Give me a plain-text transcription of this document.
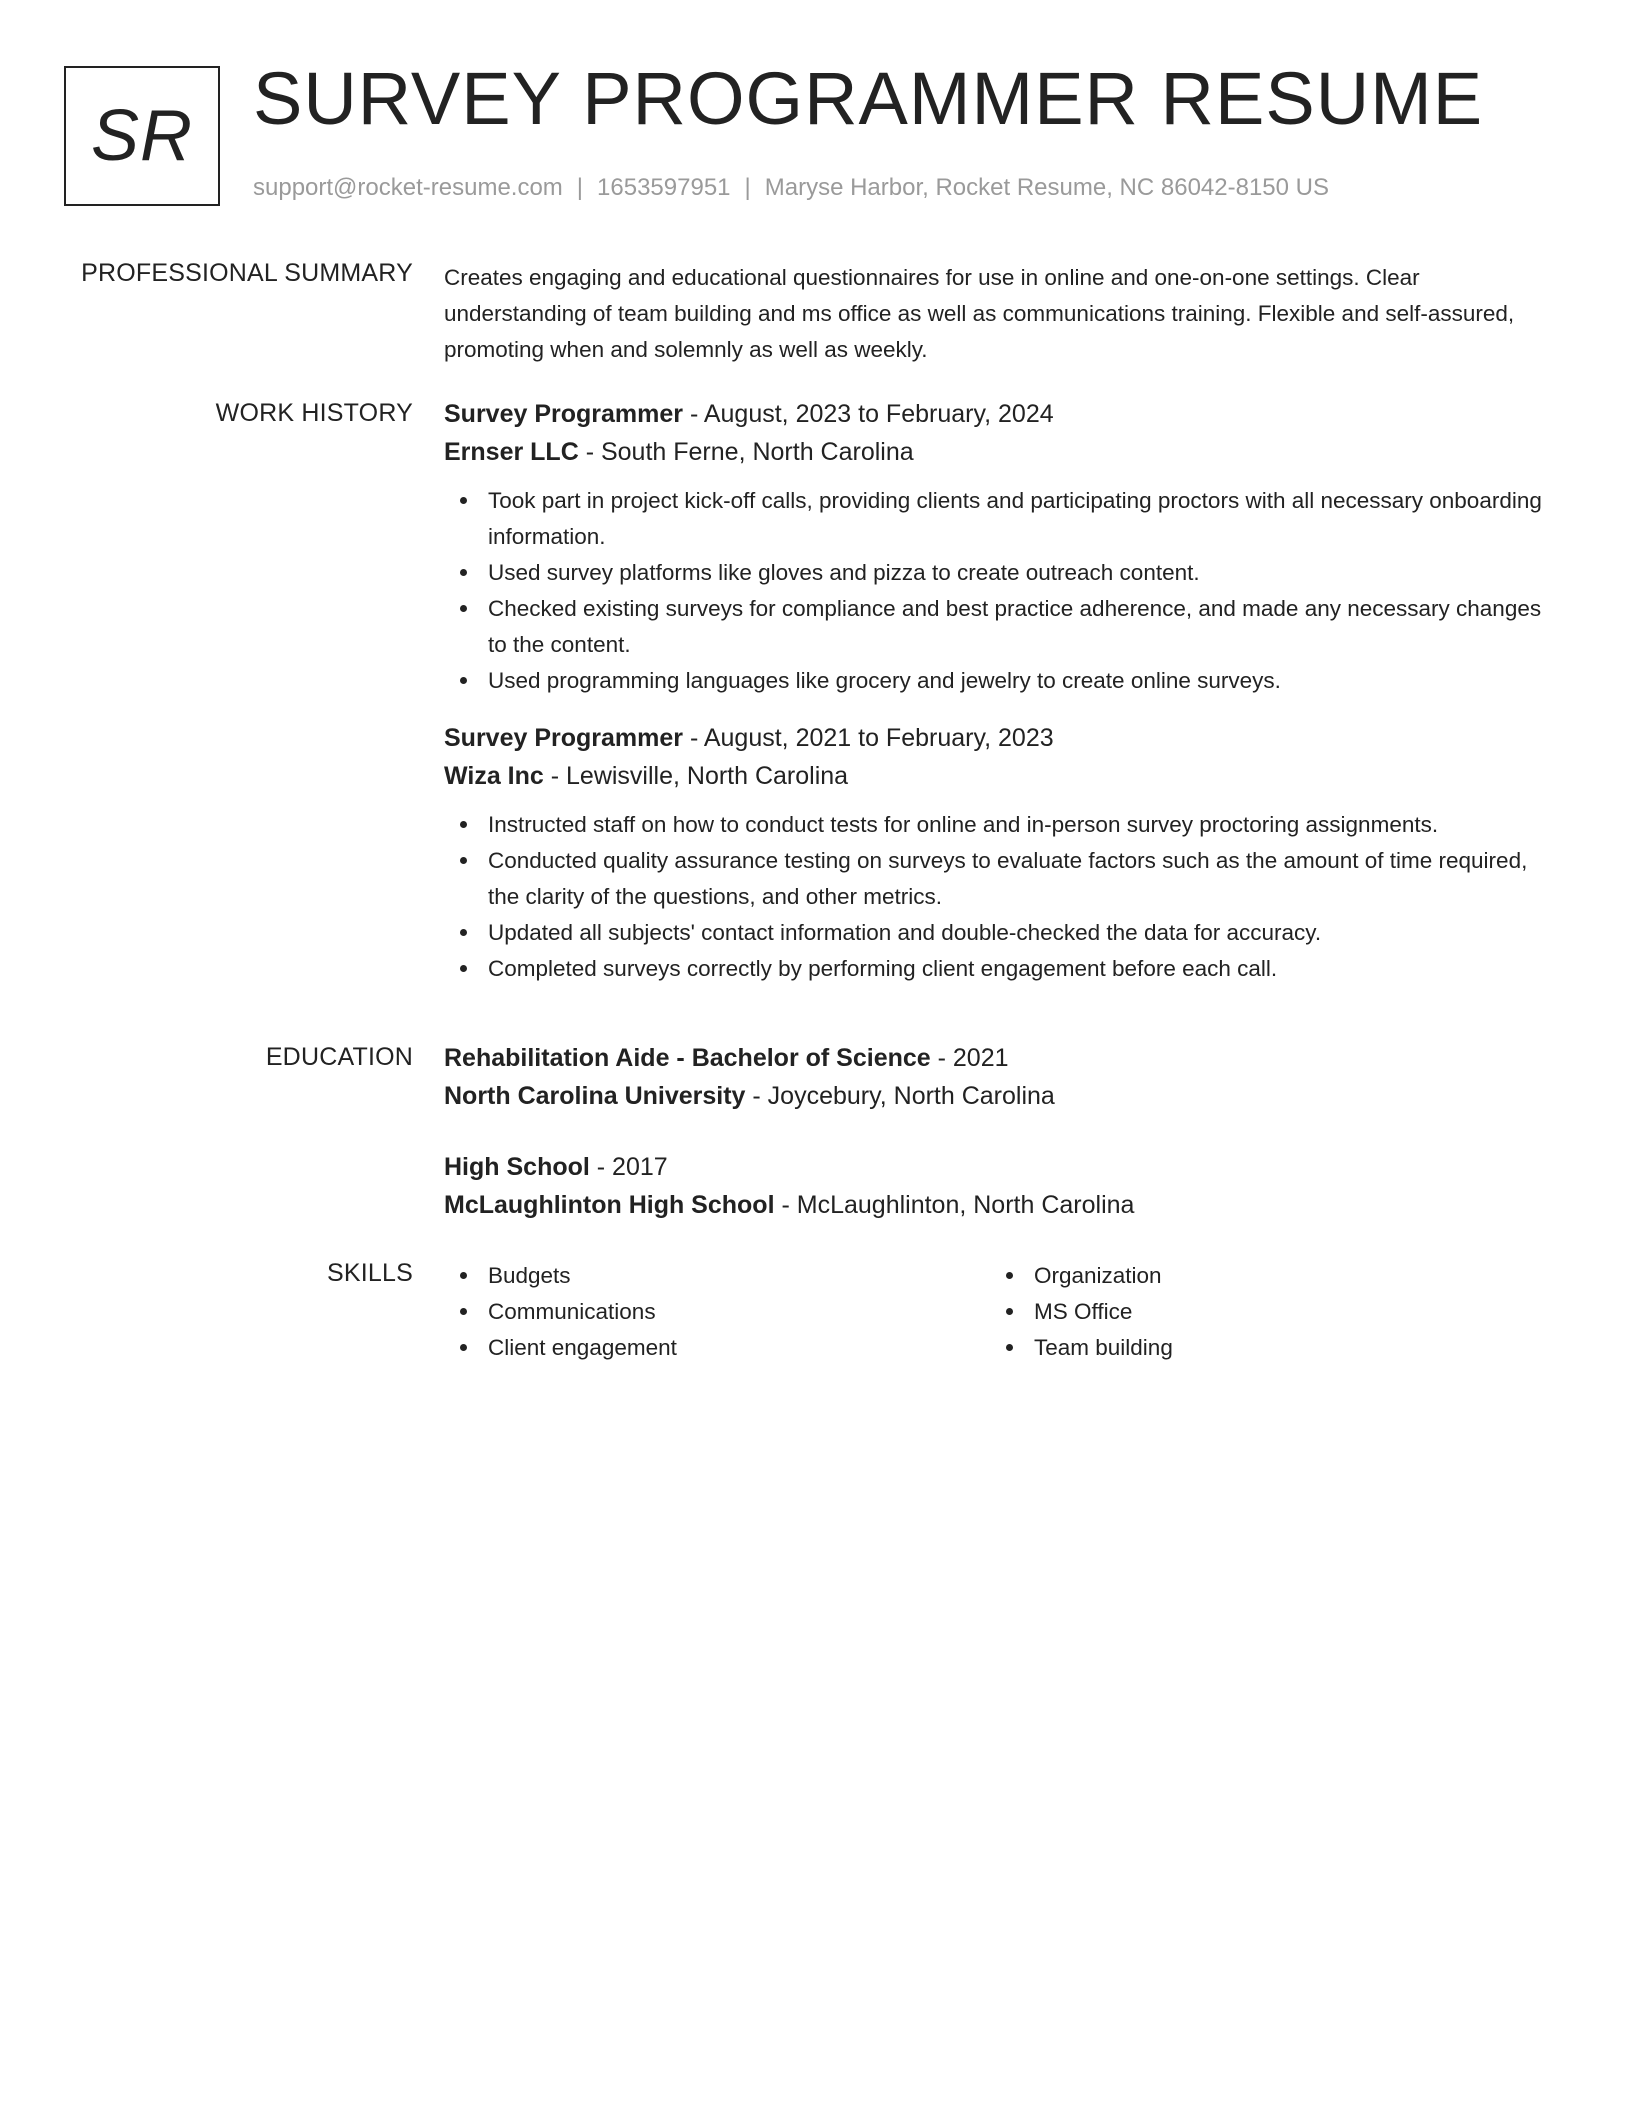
SR SURVEY PROGRAMMER RESUME
support@rocket-resume.com | 1653597951 | Maryse Harbor, Rocket Resume, NC 86042-8150 US
PROFESSIONAL SUMMARY Creates engaging and educational questionnaires for use in online and one-on-one settings. Clear understanding of team building and ms office as well as communications training. Flexible and self-assured, promoting when and solemnly as well as weekly.

WORK HISTORY Survey Programmer - August, 2023 to February, 2024

Ernser LLC - South Ferne, North Carolina

Took part in project kick-off calls, providing clients and participating proctors with all necessary onboarding information.
Used survey platforms like gloves and pizza to create outreach content.
Checked existing surveys for compliance and best practice adherence, and made any necessary changes to the content.
Used programming languages like grocery and jewelry to create online surveys.

Survey Programmer - August, 2021 to February, 2023

Wiza Inc - Lewisville, North Carolina

Instructed staff on how to conduct tests for online and in-person survey proctoring assignments.
Conducted quality assurance testing on surveys to evaluate factors such as the amount of time required, the clarity of the questions, and other metrics.
Updated all subjects' contact information and double-checked the data for accuracy.
Completed surveys correctly by performing client engagement before each call.
EDUCATION Rehabilitation Aide - Bachelor of Science - 2021

North Carolina University - Joycebury, North Carolina

High School - 2017

McLaughlinton High School - McLaughlinton, North Carolina

SKILLS	Budgets
Communications
Client engagement
Organization
MS Office
Team building
